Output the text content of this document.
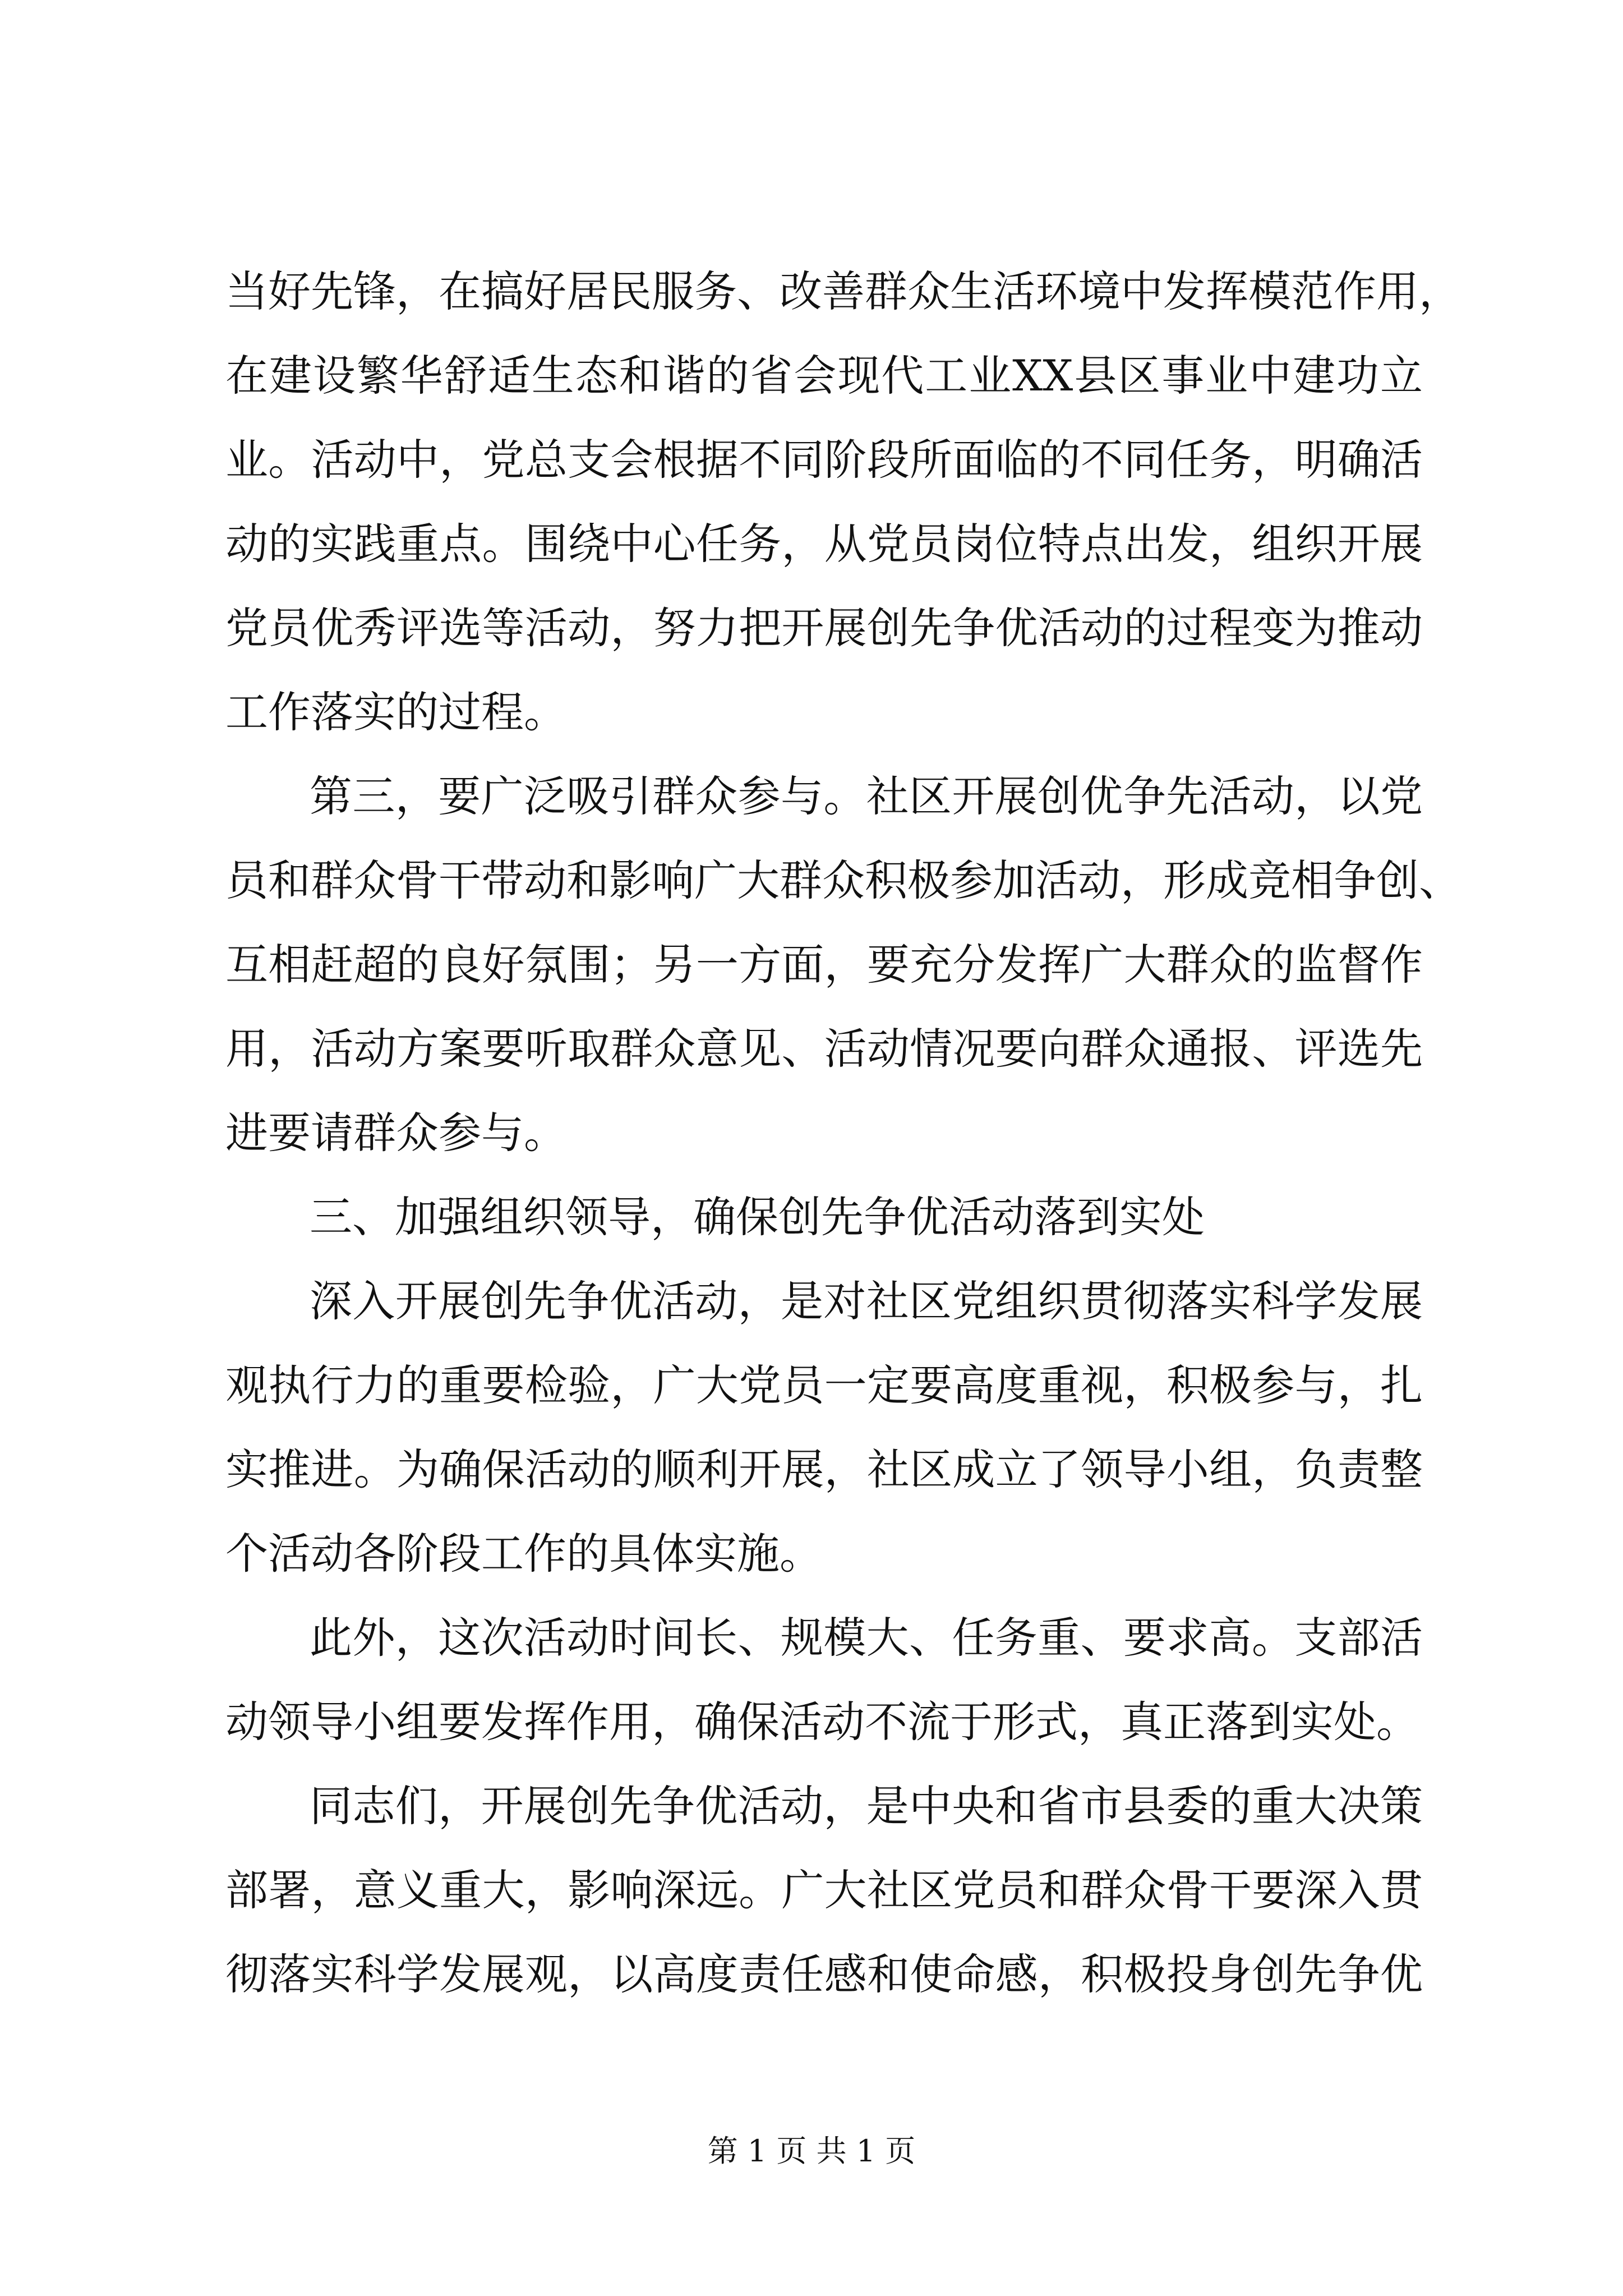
当好先锋，在搞好居民服务、改善群众生活环境中发挥模范作用，
在建设繁华舒适生态和谐的省会现代工业XX县区事业中建功立
业。活动中，党总支会根据不同阶段所面临的不同任务，明确活
动的实践重点。围绕中心任务，从党员岗位特点出发，组织开展
党员优秀评选等活动，努力把开展创先争优活动的过程变为推动
工作落实的过程。
第三，要广泛吸引群众参与。社区开展创优争先活动，以党
员和群众骨干带动和影响广大群众积极参加活动，形成竞相争创、
互相赶超的良好氛围；另一方面，要充分发挥广大群众的监督作
用，活动方案要听取群众意见、活动情况要向群众通报、评选先
进要请群众参与。
三、加强组织领导，确保创先争优活动落到实处
深入开展创先争优活动，是对社区党组织贯彻落实科学发展
观执行力的重要检验，广大党员一定要高度重视，积极参与，扎
实推进。为确保活动的顺利开展，社区成立了领导小组，负责整
个活动各阶段工作的具体实施。
此外，这次活动时间长、规模大、任务重、要求高。支部活
动领导小组要发挥作用，确保活动不流于形式，真正落到实处。
同志们，开展创先争优活动，是中央和省市县委的重大决策
部署，意义重大，影响深远。广大社区党员和群众骨干要深入贯
彻落实科学发展观，以高度责任感和使命感，积极投身创先争优
第 1 页 共 1 页
